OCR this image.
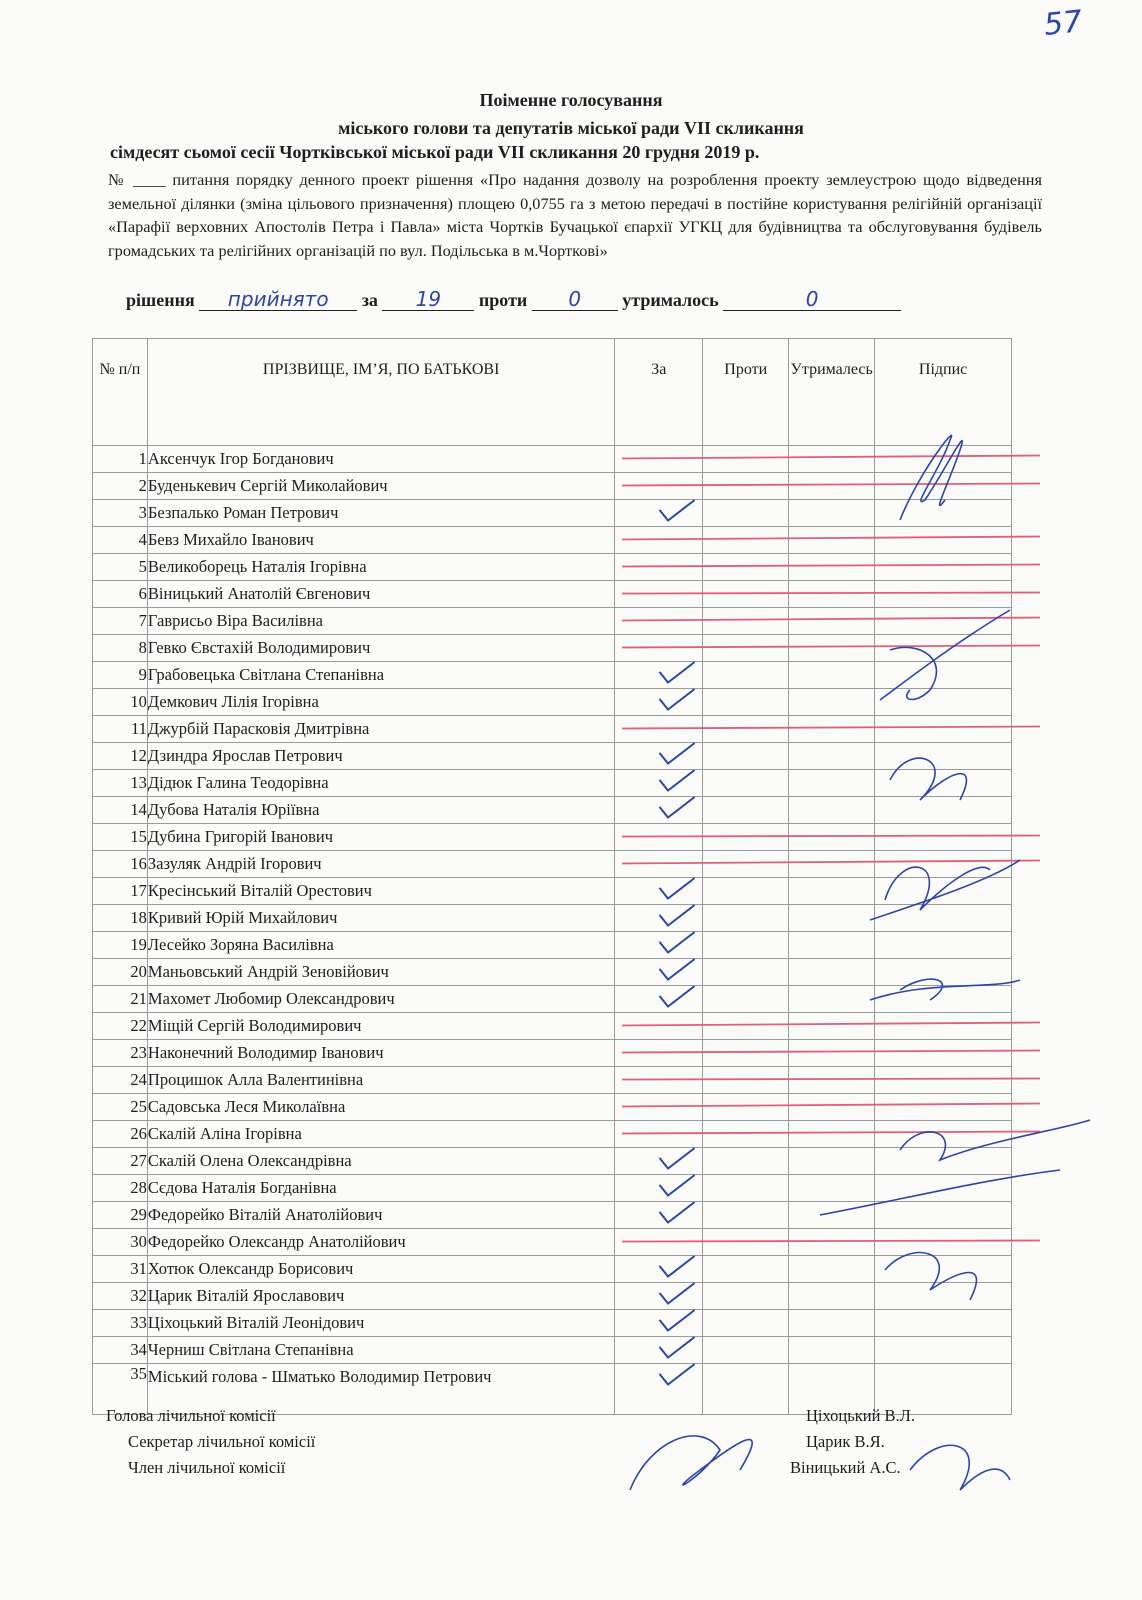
57
Поіменне голосування
міського голови та депутатів міської ради VII скликання
сімдесят сьомої сесії Чортківської міської ради VII скликання 20 грудня 2019 р.
№ ____ питання порядку денного проект рішення «Про надання дозволу на розроблення проекту землеустрою щодо відведення земельної ділянки (зміна цільового призначення) площею 0,0755 га з метою передачі в постійне користування релігійній організації «Парафії верховних Апостолів Петра і Павла» міста Чортків Бучацької єпархії УГКЦ для будівництва та обслуговування будівель громадських та релігійних організацій по вул. Подільська в м.Чорткові»
рішення прийнято за 19 проти 0 утрималось	0
№ п/п	ПРІЗВИЩЕ, ІМ’Я, ПО БАТЬКОВІ	За	Проти	Утрималесь	Підпис
1	Аксенчук Ігор Богданович				
2	Буденькевич Сергій Миколайович				
3	Безпалько Роман Петрович				
4	Бевз Михайло Іванович				
5	Великоборець Наталія Ігорівна				
6	Віницький Анатолій Євгенович				
7	Гаврисьо Віра Василівна				
8	Гевко Євстахій Володимирович				
9	Грабовецька Світлана Степанівна				
10	Демкович Лілія Ігорівна				
11	Джурбій Парасковія Дмитрівна				
12	Дзиндра Ярослав Петрович				
13	Дідюк Галина Теодорівна				
14	Дубова Наталія Юріївна				
15	Дубина Григорій Іванович				
16	Зазуляк Андрій Ігорович				
17	Кресінський Віталій Орестович				
18	Кривий Юрій Михайлович				
19	Лесейко Зоряна Василівна				
20	Маньовський Андрій Зеновійович				
21	Махомет Любомир Олександрович				
22	Міщій Сергій Володимирович				
23	Наконечний Володимир Іванович				
24	Процишок Алла Валентинівна				
25	Садовська Леся Миколаївна				
26	Скалій Аліна Ігорівна				
27	Скалій Олена Олександрівна				
28	Сєдова Наталія Богданівна				
29	Федорейко Віталій Анатолійович				
30	Федорейко Олександр Анатолійович				
31	Хотюк Олександр Борисович				
32	Царик Віталій Ярославович				
33	Ціхоцький Віталій Леонідович				
34	Черниш Світлана Степанівна				
35	Міський голова - Шматько Володимир Петрович				
Голова лічильної комісії
Секретар лічильної комісії
Член лічильної комісії
Ціхоцький В.Л.
Царик В.Я.
Віницький А.С.
